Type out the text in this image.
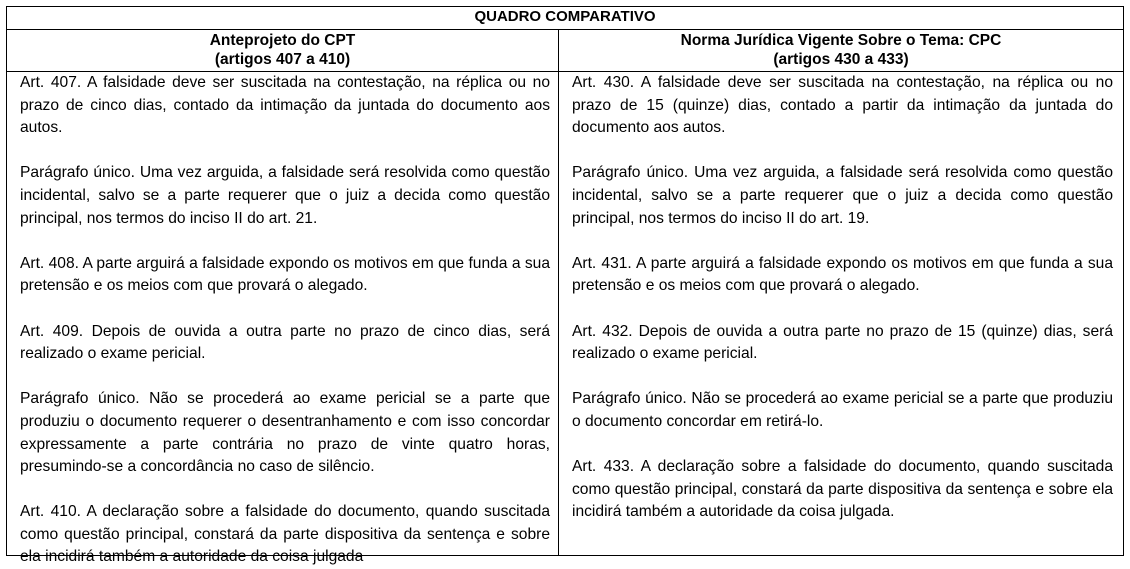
QUADRO COMPARATIVO
Anteprojeto do CPT
(artigos 407 a 410)
Norma Jurídica Vigente Sobre o Tema: CPC
(artigos 430 a 433)

Art. 407. A falsidade deve ser suscitada na contestação, na réplica ou no prazo de cinco dias, contado da intimação da juntada do documento aos autos.

Parágrafo único. Uma vez arguida, a falsidade será resolvida como questão incidental, salvo se a parte requerer que o juiz a decida como questão principal, nos termos do inciso II do art. 21.

Art. 408. A parte arguirá a falsidade expondo os motivos em que funda a sua pretensão e os meios com que provará o alegado.

Art. 409. Depois de ouvida a outra parte no prazo de cinco dias, será realizado o exame pericial.

Parágrafo único. Não se procederá ao exame pericial se a parte que produziu o documento requerer o desentranhamento e com isso concordar expressamente a parte contrária no prazo de vinte quatro horas, presumindo-se a concordância no caso de silêncio.

Art. 410. A declaração sobre a falsidade do documento, quando suscitada como questão principal, constará da parte dispositiva da sentença e sobre ela incidirá também a autoridade da coisa julgada

Art. 430. A falsidade deve ser suscitada na contestação, na réplica ou no prazo de 15 (quinze) dias, contado a partir da intimação da juntada do documento aos autos.

Parágrafo único. Uma vez arguida, a falsidade será resolvida como questão incidental, salvo se a parte requerer que o juiz a decida como questão principal, nos termos do inciso II do art. 19.

Art. 431. A parte arguirá a falsidade expondo os motivos em que funda a sua pretensão e os meios com que provará o alegado.

Art. 432. Depois de ouvida a outra parte no prazo de 15 (quinze) dias, será realizado o exame pericial.

Parágrafo único. Não se procederá ao exame pericial se a parte que produziu o documento concordar em retirá-lo.

Art. 433. A declaração sobre a falsidade do documento, quando suscitada como questão principal, constará da parte dispositiva da sentença e sobre ela incidirá também a autoridade da coisa julgada.
